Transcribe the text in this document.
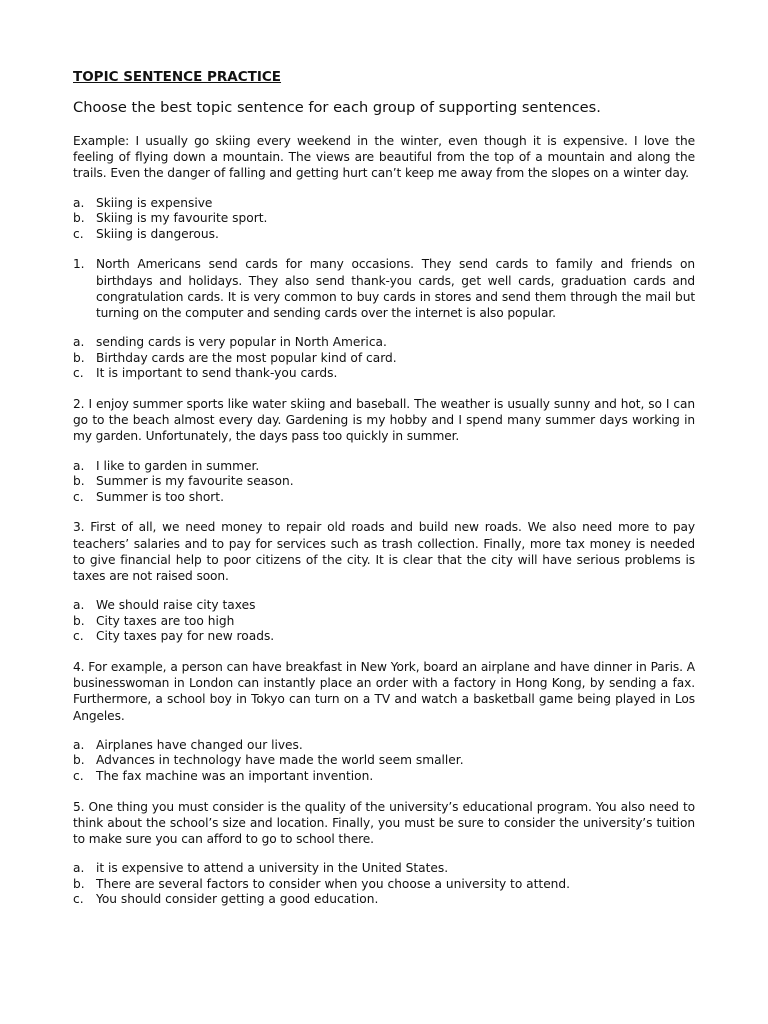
TOPIC SENTENCE PRACTICE

Choose the best topic sentence for each group of supporting sentences.

Example: I usually go skiing every weekend in the winter, even though it is expensive. I love the feeling of flying down a mountain. The views are beautiful from the top of a mountain and along the trails. Even the danger of falling and getting hurt can’t keep me away from the slopes on a winter day.

a. Skiing is expensive
b. Skiing is my favourite sport.
c.	Skiing is dangerous.
1. North Americans send cards for many occasions. They send cards to family and friends on birthdays and holidays. They also send thank-you cards, get well cards, graduation cards and congratulation cards. It is very common to buy cards in stores and send them through the mail but turning on the computer and sending cards over the internet is also popular.
a. sending cards is very popular in North America.
b. Birthday cards are the most popular kind of card.
c.	It is important to send thank-you cards.

2. I enjoy summer sports like water skiing and baseball. The weather is usually sunny and hot, so I can go to the beach almost every day. Gardening is my hobby and I spend many summer days working in my garden. Unfortunately, the days pass too quickly in summer.

a. I like to garden in summer.
b. Summer is my favourite season.
c.	Summer is too short.

3. First of all, we need money to repair old roads and build new roads. We also need more to pay teachers’ salaries and to pay for services such as trash collection. Finally, more tax money is needed to give financial help to poor citizens of the city. It is clear that the city will have serious problems is taxes are not raised soon.

a. We should raise city taxes
b. City taxes are too high
c.	City taxes pay for new roads.

4. For example, a person can have breakfast in New York, board an airplane and have dinner in Paris. A businesswoman in London can instantly place an order with a factory in Hong Kong, by sending a fax. Furthermore, a school boy in Tokyo can turn on a TV and watch a basketball game being played in Los Angeles.

a. Airplanes have changed our lives.
b. Advances in technology have made the world seem smaller.
c.	The fax machine was an important invention.

5. One thing you must consider is the quality of the university’s educational program. You also need to think about the school’s size and location. Finally, you must be sure to consider the university’s tuition to make sure you can afford to go to school there.

a. it is expensive to attend a university in the United States.
b. There are several factors to consider when you choose a university to attend.
c.	You should consider getting a good education.
